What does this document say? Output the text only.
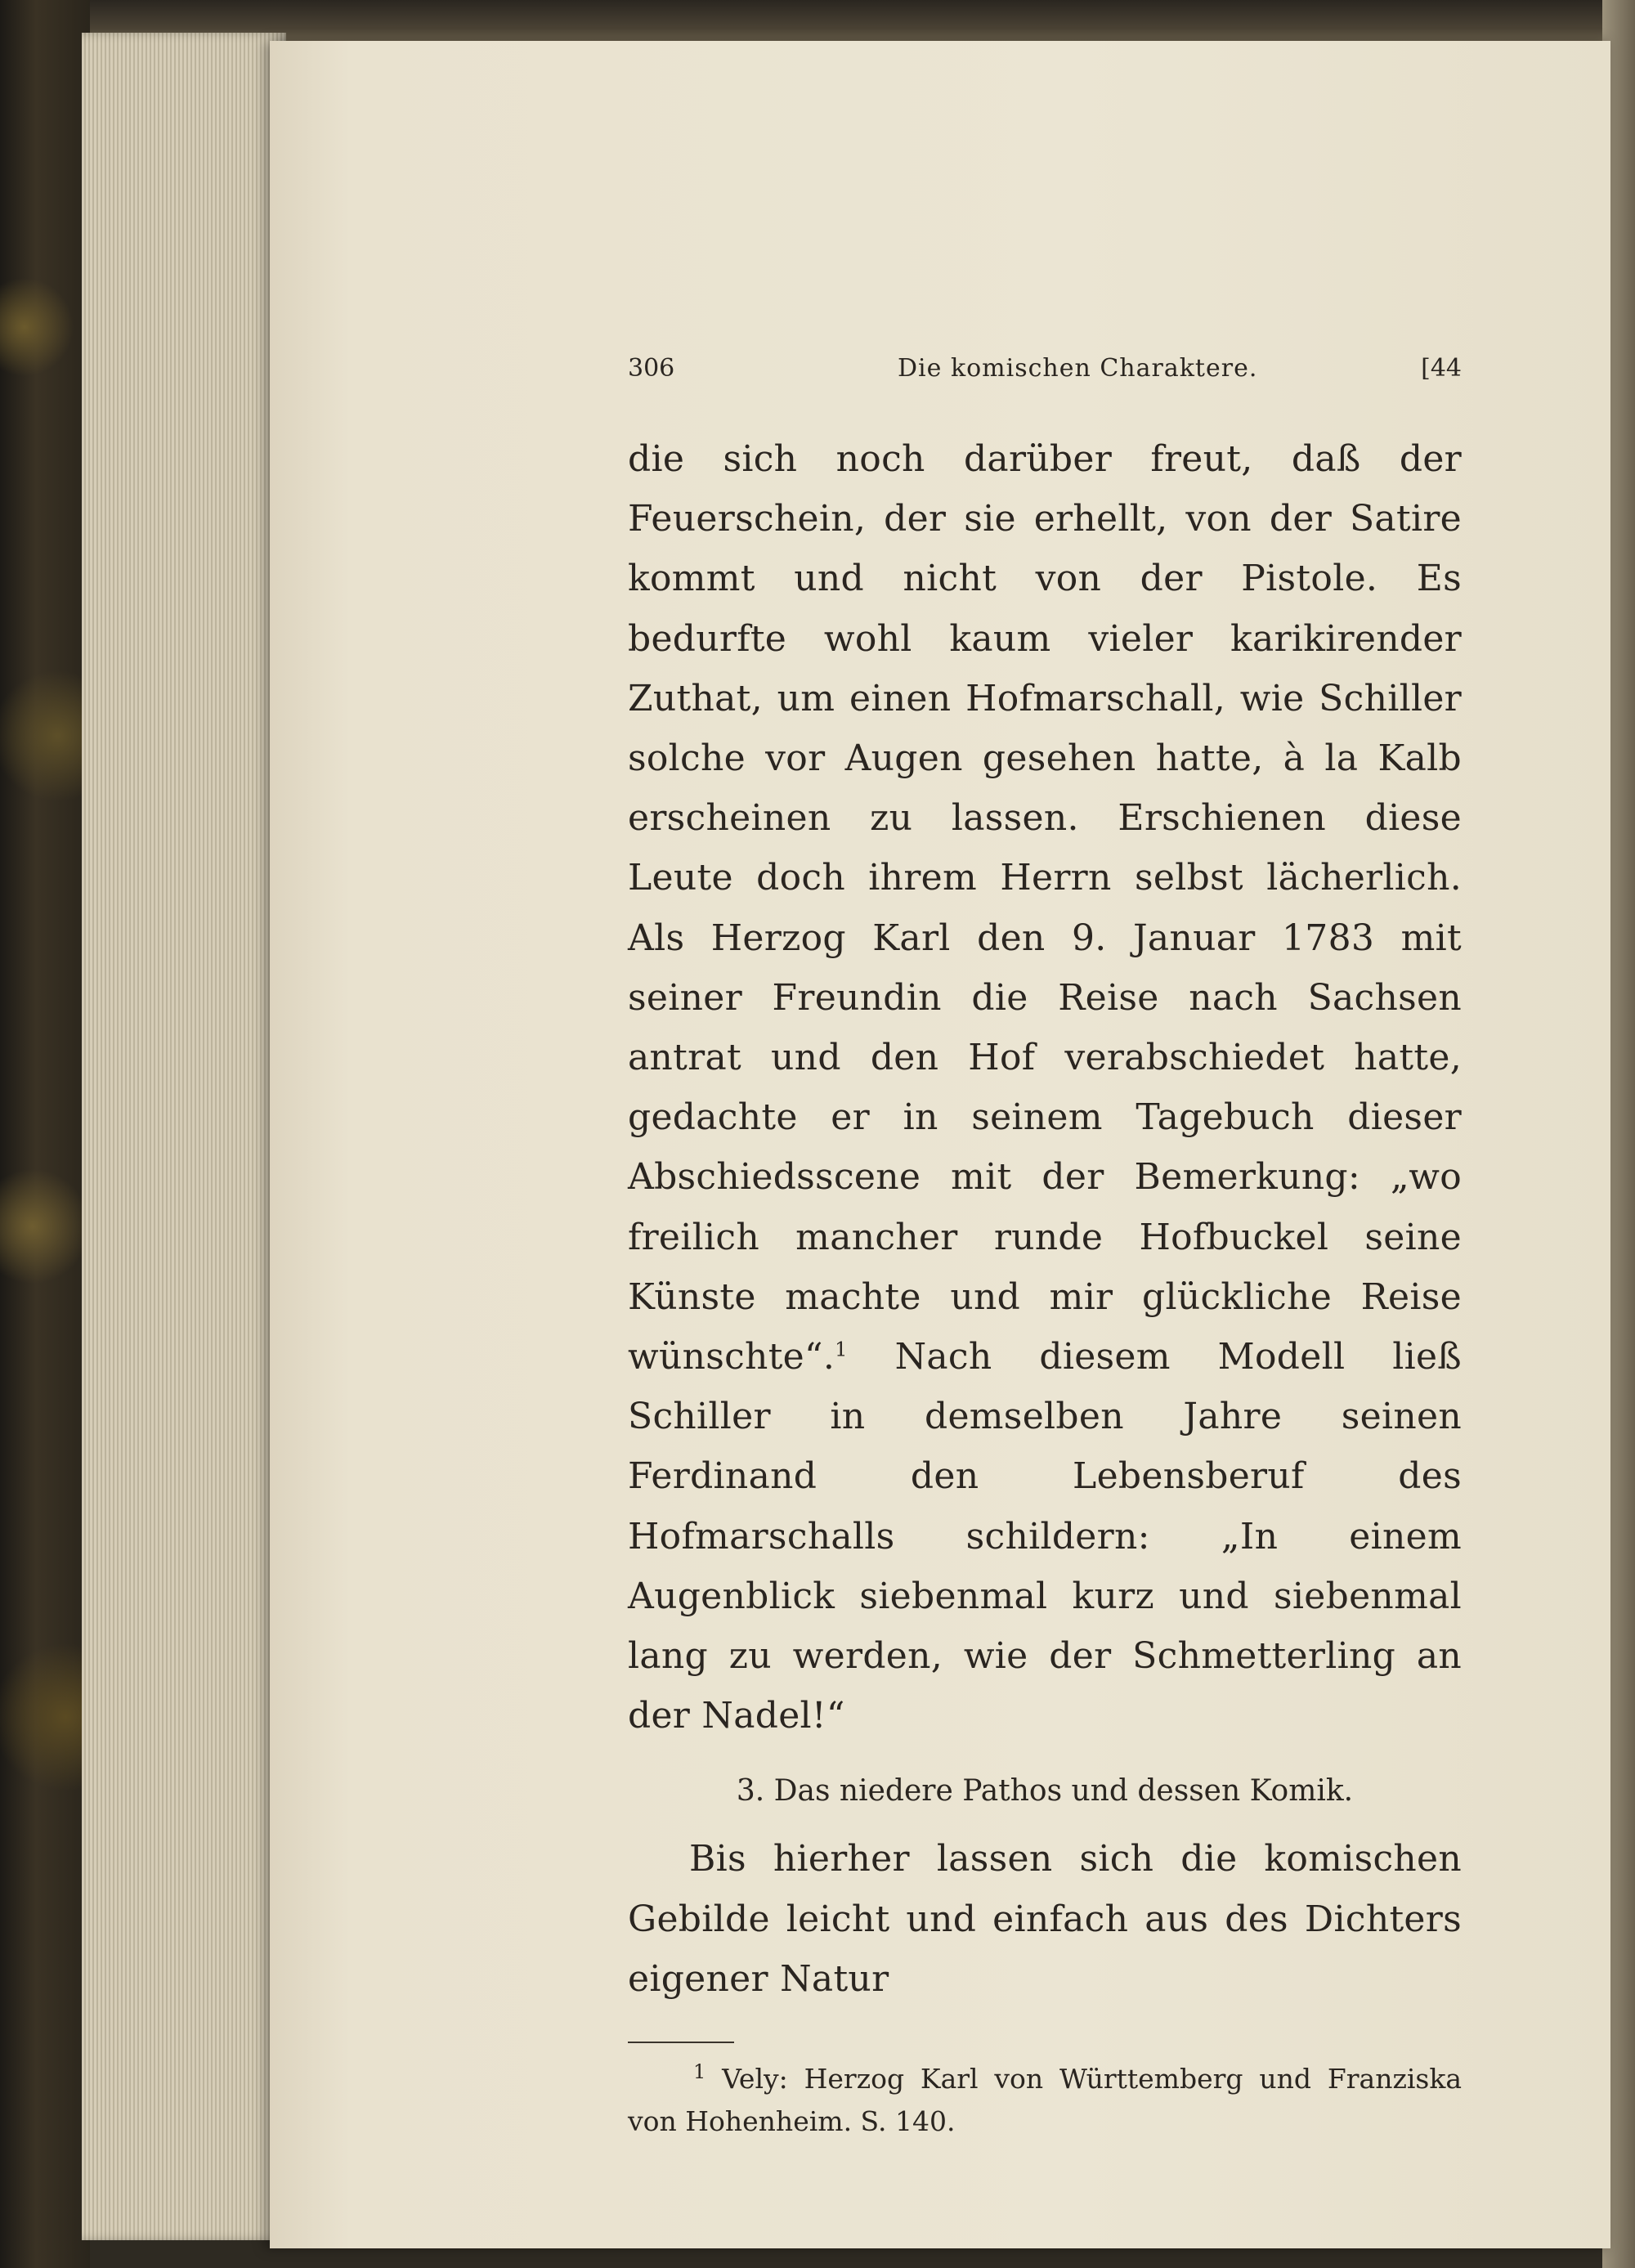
306	Die komischen Charaktere.	[44

die sich noch darüber freut, daß der Feuerschein, der sie erhellt, von der Satire kommt und nicht von der Pistole. Es bedurfte wohl kaum vieler karikirender Zuthat, um einen Hofmarschall, wie Schiller solche vor Augen gesehen hatte, à la Kalb erscheinen zu lassen. Erschienen diese Leute doch ihrem Herrn selbst lächerlich. Als Herzog Karl den 9. Januar 1783 mit seiner Freundin die Reise nach Sachsen antrat und den Hof verabschiedet hatte, gedachte er in seinem Tagebuch dieser Abschiedsscene mit der Bemerkung: „wo freilich mancher runde Hofbuckel seine Künste machte und mir glückliche Reise wünschte“.$^1$ Nach diesem Modell ließ Schiller in demselben Jahre seinen Ferdinand den Lebensberuf des Hofmarschalls schildern: „In einem Augenblick siebenmal kurz und siebenmal lang zu werden, wie der Schmetterling an der Nadel!“

3. Das niedere Pathos und dessen Komik.

Bis hierher lassen sich die komischen Gebilde leicht und einfach aus des Dichters eigener Natur

$^1$ Vely: Herzog Karl von Württemberg und Franziska von Hohenheim. S. 140.
